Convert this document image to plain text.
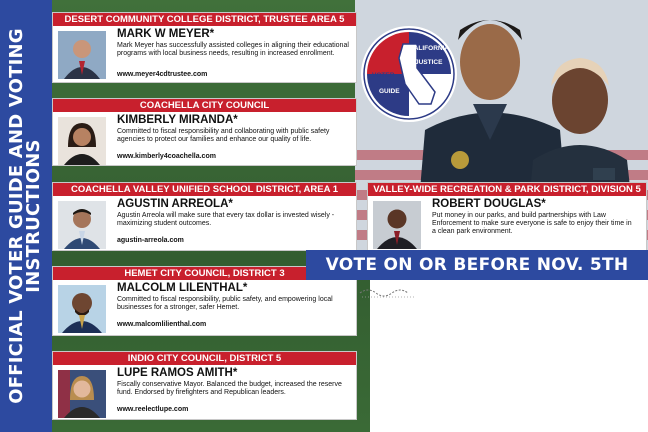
OFFICIAL VOTER GUIDE AND VOTING INSTRUCTIONS
CALIFORNIA
JUSTICE
VOTER
GUIDE
DESERT COMMUNITY COLLEGE DISTRICT, TRUSTEE AREA 5
MARK W MEYER*
Mark Meyer has successfully assisted colleges in aligning their educational programs with local business needs, resulting in increased enrollment.
www.meyer4cdtrustee.com
COACHELLA CITY COUNCIL
KIMBERLY MIRANDA*
Committed to fiscal responsibility and collaborating with public safety agencies to protect our families and enhance our quality of life.
www.kimberly4coachella.com
COACHELLA VALLEY UNIFIED SCHOOL DISTRICT, AREA 1
AGUSTIN ARREOLA*
Agustin Arreola will make sure that every tax dollar is invested wisely - maximizing student outcomes.
agustin-arreola.com
HEMET CITY COUNCIL, DISTRICT 3
MALCOLM LILENTHAL*
Committed to fiscal responsibility, public safety, and empowering local businesses for a stronger, safer Hemet.
www.malcomlilienthal.com
INDIO CITY COUNCIL, DISTRICT 5
LUPE RAMOS AMITH*
Fiscally conservative Mayor. Balanced the budget, increased the reserve fund. Endorsed by firefighters and Republican leaders.
www.reelectlupe.com
VALLEY-WIDE RECREATION & PARK DISTRICT, DIVISION 5
ROBERT DOUGLAS*
Put money in our parks, and build partnerships with Law Enforcement to make sure everyone is safe to enjoy their time in a clean park environment.
VOTE ON OR BEFORE NOV. 5TH
